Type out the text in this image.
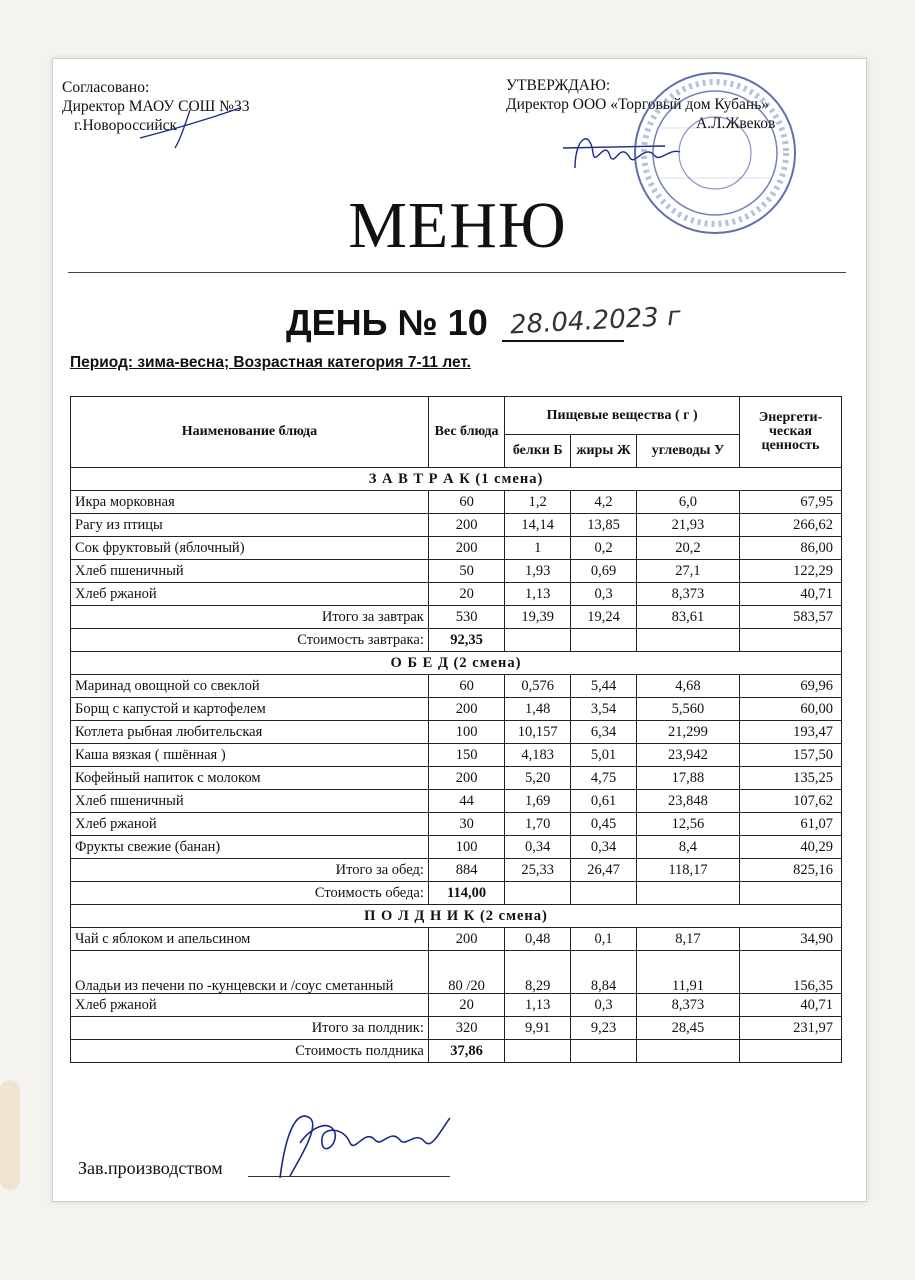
Согласовано:
Директор МАОУ СОШ №33
г.Новороссийск
УТВЕРЖДАЮ:
Директор ООО «Торговый дом Кубань»
А.Л.Жвеков
МЕНЮ
ДЕНЬ № 10 28.04.2023 г
Период: зима-весна; Возрастная категория 7-11 лет.
Наименование блюда	Вес блюда	Пищевые вещества ( г )			Энергети-ческая ценность
		белки Б	жиры Ж	углеводы У	
З А В Т Р А К (1 смена)					
Икра морковная	60	1,2	4,2	6,0	67,95
Рагу из птицы	200	14,14	13,85	21,93	266,62
Сок фруктовый (яблочный)	200	1	0,2	20,2	86,00
Хлеб пшеничный	50	1,93	0,69	27,1	122,29
Хлеб ржаной	20	1,13	0,3	8,373	40,71
Итого за завтрак	530	19,39	19,24	83,61	583,57
Стоимость завтрака:	92,35				
О Б Е Д (2 смена)					
Маринад овощной со свеклой	60	0,576	5,44	4,68	69,96
Борщ с капустой и картофелем	200	1,48	3,54	5,560	60,00
Котлета рыбная любительская	100	10,157	6,34	21,299	193,47
Каша вязкая ( пшённая )	150	4,183	5,01	23,942	157,50
Кофейный напиток с молоком	200	5,20	4,75	17,88	135,25
Хлеб пшеничный	44	1,69	0,61	23,848	107,62
Хлеб ржаной	30	1,70	0,45	12,56	61,07
Фрукты свежие (банан)	100	0,34	0,34	8,4	40,29
Итого за обед:	884	25,33	26,47	118,17	825,16
Стоимость обеда:	114,00				
П О Л Д Н И К (2 смена)					
Чай с яблоком и апельсином	200	0,48	0,1	8,17	34,90
Оладьи из печени по -кунцевски и /соус сметанный	80 /20	8,29	8,84	11,91	156,35
Хлеб ржаной	20	1,13	0,3	8,373	40,71
Итого за полдник:	320	9,91	9,23	28,45	231,97
Стоимость полдника	37,86				
Зав.производством
